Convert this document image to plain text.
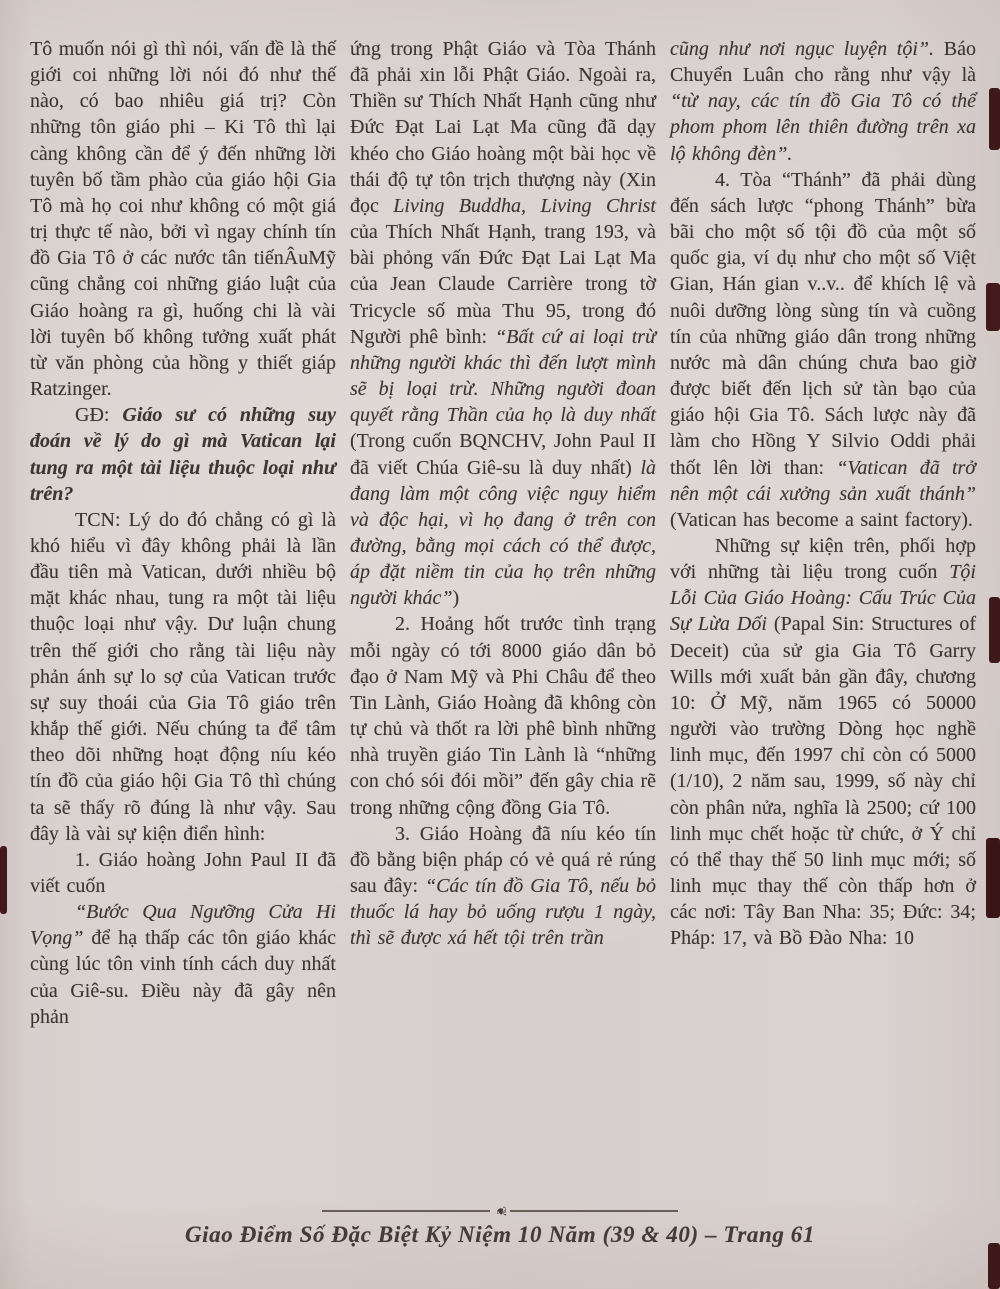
Tô muốn nói gì thì nói, vấn đề là thế giới coi những lời nói đó như thế nào, có bao nhiêu giá trị? Còn những tôn giáo phi – Ki Tô thì lại càng không cần để ý đến những lời tuyên bố tầm phào của giáo hội Gia Tô mà họ coi như không có một giá trị thực tế nào, bởi vì ngay chính tín đồ Gia Tô ở các nước tân tiếnÂuMỹ cũng chẳng coi những giáo luật của Giáo hoàng ra gì, huống chi là vài lời tuyên bố không tưởng xuất phát từ văn phòng của hồng y thiết giáp Ratzinger.

GĐ: Giáo sư có những suy đoán về lý do gì mà Vatican lại tung ra một tài liệu thuộc loại như trên?

TCN: Lý do đó chẳng có gì là khó hiểu vì đây không phải là lần đầu tiên mà Vatican, dưới nhiều bộ mặt khác nhau, tung ra một tài liệu thuộc loại như vậy. Dư luận chung trên thế giới cho rằng tài liệu này phản ánh sự lo sợ của Vatican trước sự suy thoái của Gia Tô giáo trên khắp thế giới. Nếu chúng ta để tâm theo dõi những hoạt động níu kéo tín đồ của giáo hội Gia Tô thì chúng ta sẽ thấy rõ đúng là như vậy. Sau đây là vài sự kiện điển hình:

1. Giáo hoàng John Paul II đã viết cuốn

“Bước Qua Ngưỡng Cửa Hi Vọng” để hạ thấp các tôn giáo khác cùng lúc tôn vinh tính cách duy nhất của Giê-su. Điều này đã gây nên phản

ứng trong Phật Giáo và Tòa Thánh đã phải xin lỗi Phật Giáo. Ngoài ra, Thiền sư Thích Nhất Hạnh cũng như Đức Đạt Lai Lạt Ma cũng đã dạy khéo cho Giáo hoàng một bài học về thái độ tự tôn trịch thượng này (Xin đọc Living Buddha, Living Christ của Thích Nhất Hạnh, trang 193, và bài phỏng vấn Đức Đạt Lai Lạt Ma của Jean Claude Carrière trong tờ Tricycle số mùa Thu 95, trong đó Người phê bình: “Bất cứ ai loại trừ những người khác thì đến lượt mình sẽ bị loại trừ. Những người đoan quyết rằng Thần của họ là duy nhất (Trong cuốn BQNCHV, John Paul II đã viết Chúa Giê-su là duy nhất) là đang làm một công việc nguy hiểm và độc hại, vì họ đang ở trên con đường, bằng mọi cách có thể được, áp đặt niềm tin của họ trên những người khác”)

2. Hoảng hốt trước tình trạng mỗi ngày có tới 8000 giáo dân bỏ đạo ở Nam Mỹ và Phi Châu để theo Tin Lành, Giáo Hoàng đã không còn tự chủ và thốt ra lời phê bình những nhà truyền giáo Tin Lành là “những con chó sói đói mồi” đến gây chia rẽ trong những cộng đồng Gia Tô.

3. Giáo Hoàng đã níu kéo tín đồ bằng biện pháp có vẻ quá rẻ rúng sau đây: “Các tín đồ Gia Tô, nếu bỏ thuốc lá hay bỏ uống rượu 1 ngày, thì sẽ được xá hết tội trên trần

cũng như nơi ngục luyện tội”. Báo Chuyển Luân cho rằng như vậy là “từ nay, các tín đồ Gia Tô có thể phom phom lên thiên đường trên xa lộ không đèn”.

4. Tòa “Thánh” đã phải dùng đến sách lược “phong Thánh” bừa bãi cho một số tội đồ của một số quốc gia, ví dụ như cho một số Việt Gian, Hán gian v..v.. để khích lệ và nuôi dưỡng lòng sùng tín và cuồng tín của những giáo dân trong những nước mà dân chúng chưa bao giờ được biết đến lịch sử tàn bạo của giáo hội Gia Tô. Sách lược này đã làm cho Hồng Y Silvio Oddi phải thốt lên lời than: “Vatican đã trở nên một cái xưởng sản xuất thánh” (Vatican has become a saint factory).

Những sự kiện trên, phối hợp với những tài liệu trong cuốn Tội Lỗi Của Giáo Hoàng: Cấu Trúc Của Sự Lừa Dối (Papal Sin: Structures of Deceit) của sử gia Gia Tô Garry Wills mới xuất bản gần đây, chương 10: Ở Mỹ, năm 1965 có 50000 người vào trường Dòng học nghề linh mục, đến 1997 chỉ còn có 5000 (1/10), 2 năm sau, 1999, số này chỉ còn phân nửa, nghĩa là 2500; cứ 100 linh mục chết hoặc từ chức, ở Ý chỉ có thể thay thế 50 linh mục mới; số linh mục thay thế còn thấp hơn ở các nơi: Tây Ban Nha: 35; Đức: 34; Pháp: 17, và Bồ Đào Nha: 10

❦
Giao Điểm Số Đặc Biệt Kỷ Niệm 10 Năm (39 & 40) – Trang 61
